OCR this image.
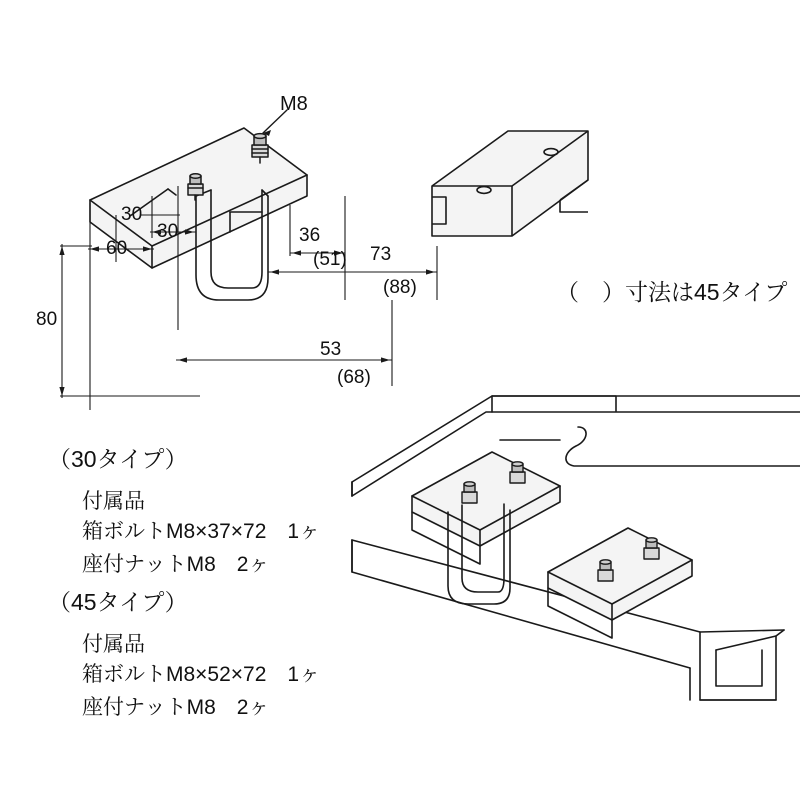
M8
30
30
60
36
(51) 73
(88)
80
53
(68)
（　）寸法は45タイプ
（30タイプ）
付属品
箱ボルトM8×37×72　1ヶ
座付ナットM8　2ヶ
（45タイプ）
付属品
箱ボルトM8×52×72　1ヶ
座付ナットM8　2ヶ
